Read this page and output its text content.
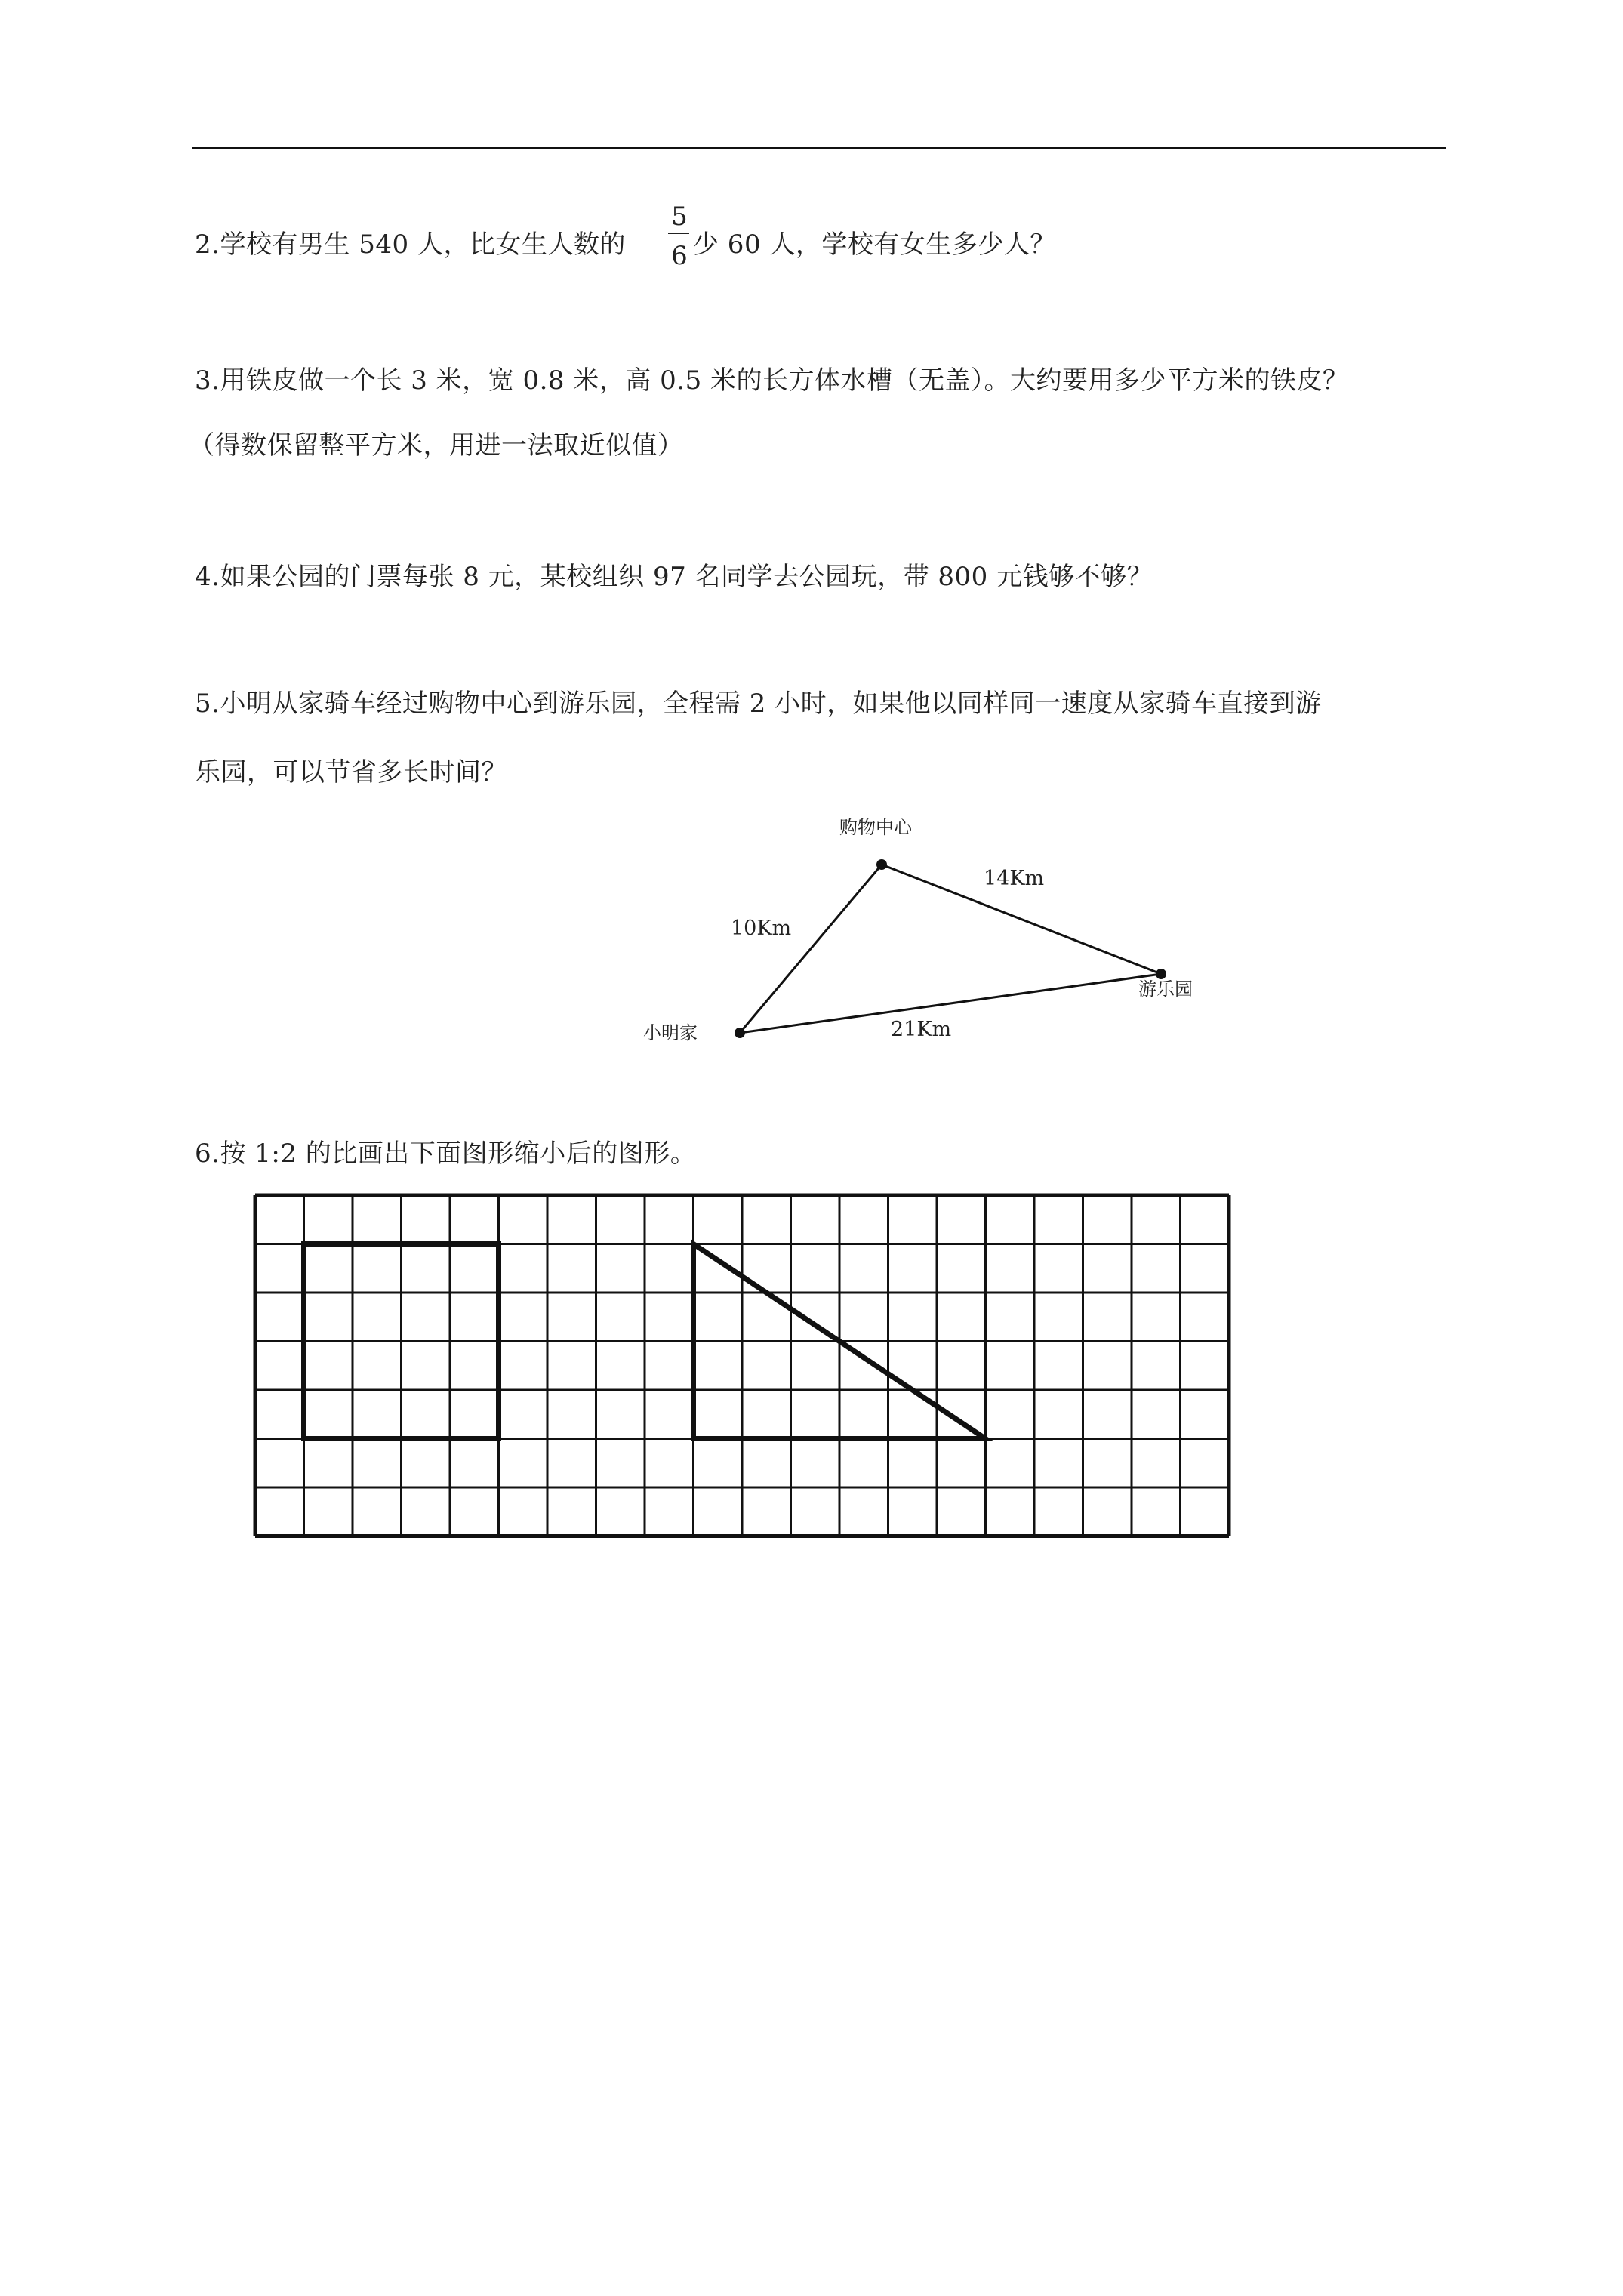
2.学校有男生 540 人，比女生人数的
5
6 少 60 人，学校有女生多少人？
3.用铁皮做一个长 3 米，宽 0.8 米，高 0.5 米的长方体水槽（无盖）。大约要用多少平方米的铁皮？
（得数保留整平方米，用进一法取近似值）
4.如果公园的门票每张 8 元，某校组织 97 名同学去公园玩，带 800 元钱够不够？
5.小明从家骑车经过购物中心到游乐园，全程需 2 小时，如果他以同样同一速度从家骑车直接到游
乐园，可以节省多长时间？
购物中心
小明家
游乐园
10Km
14Km
21Km
6.按 1:2 的比画出下面图形缩小后的图形。
